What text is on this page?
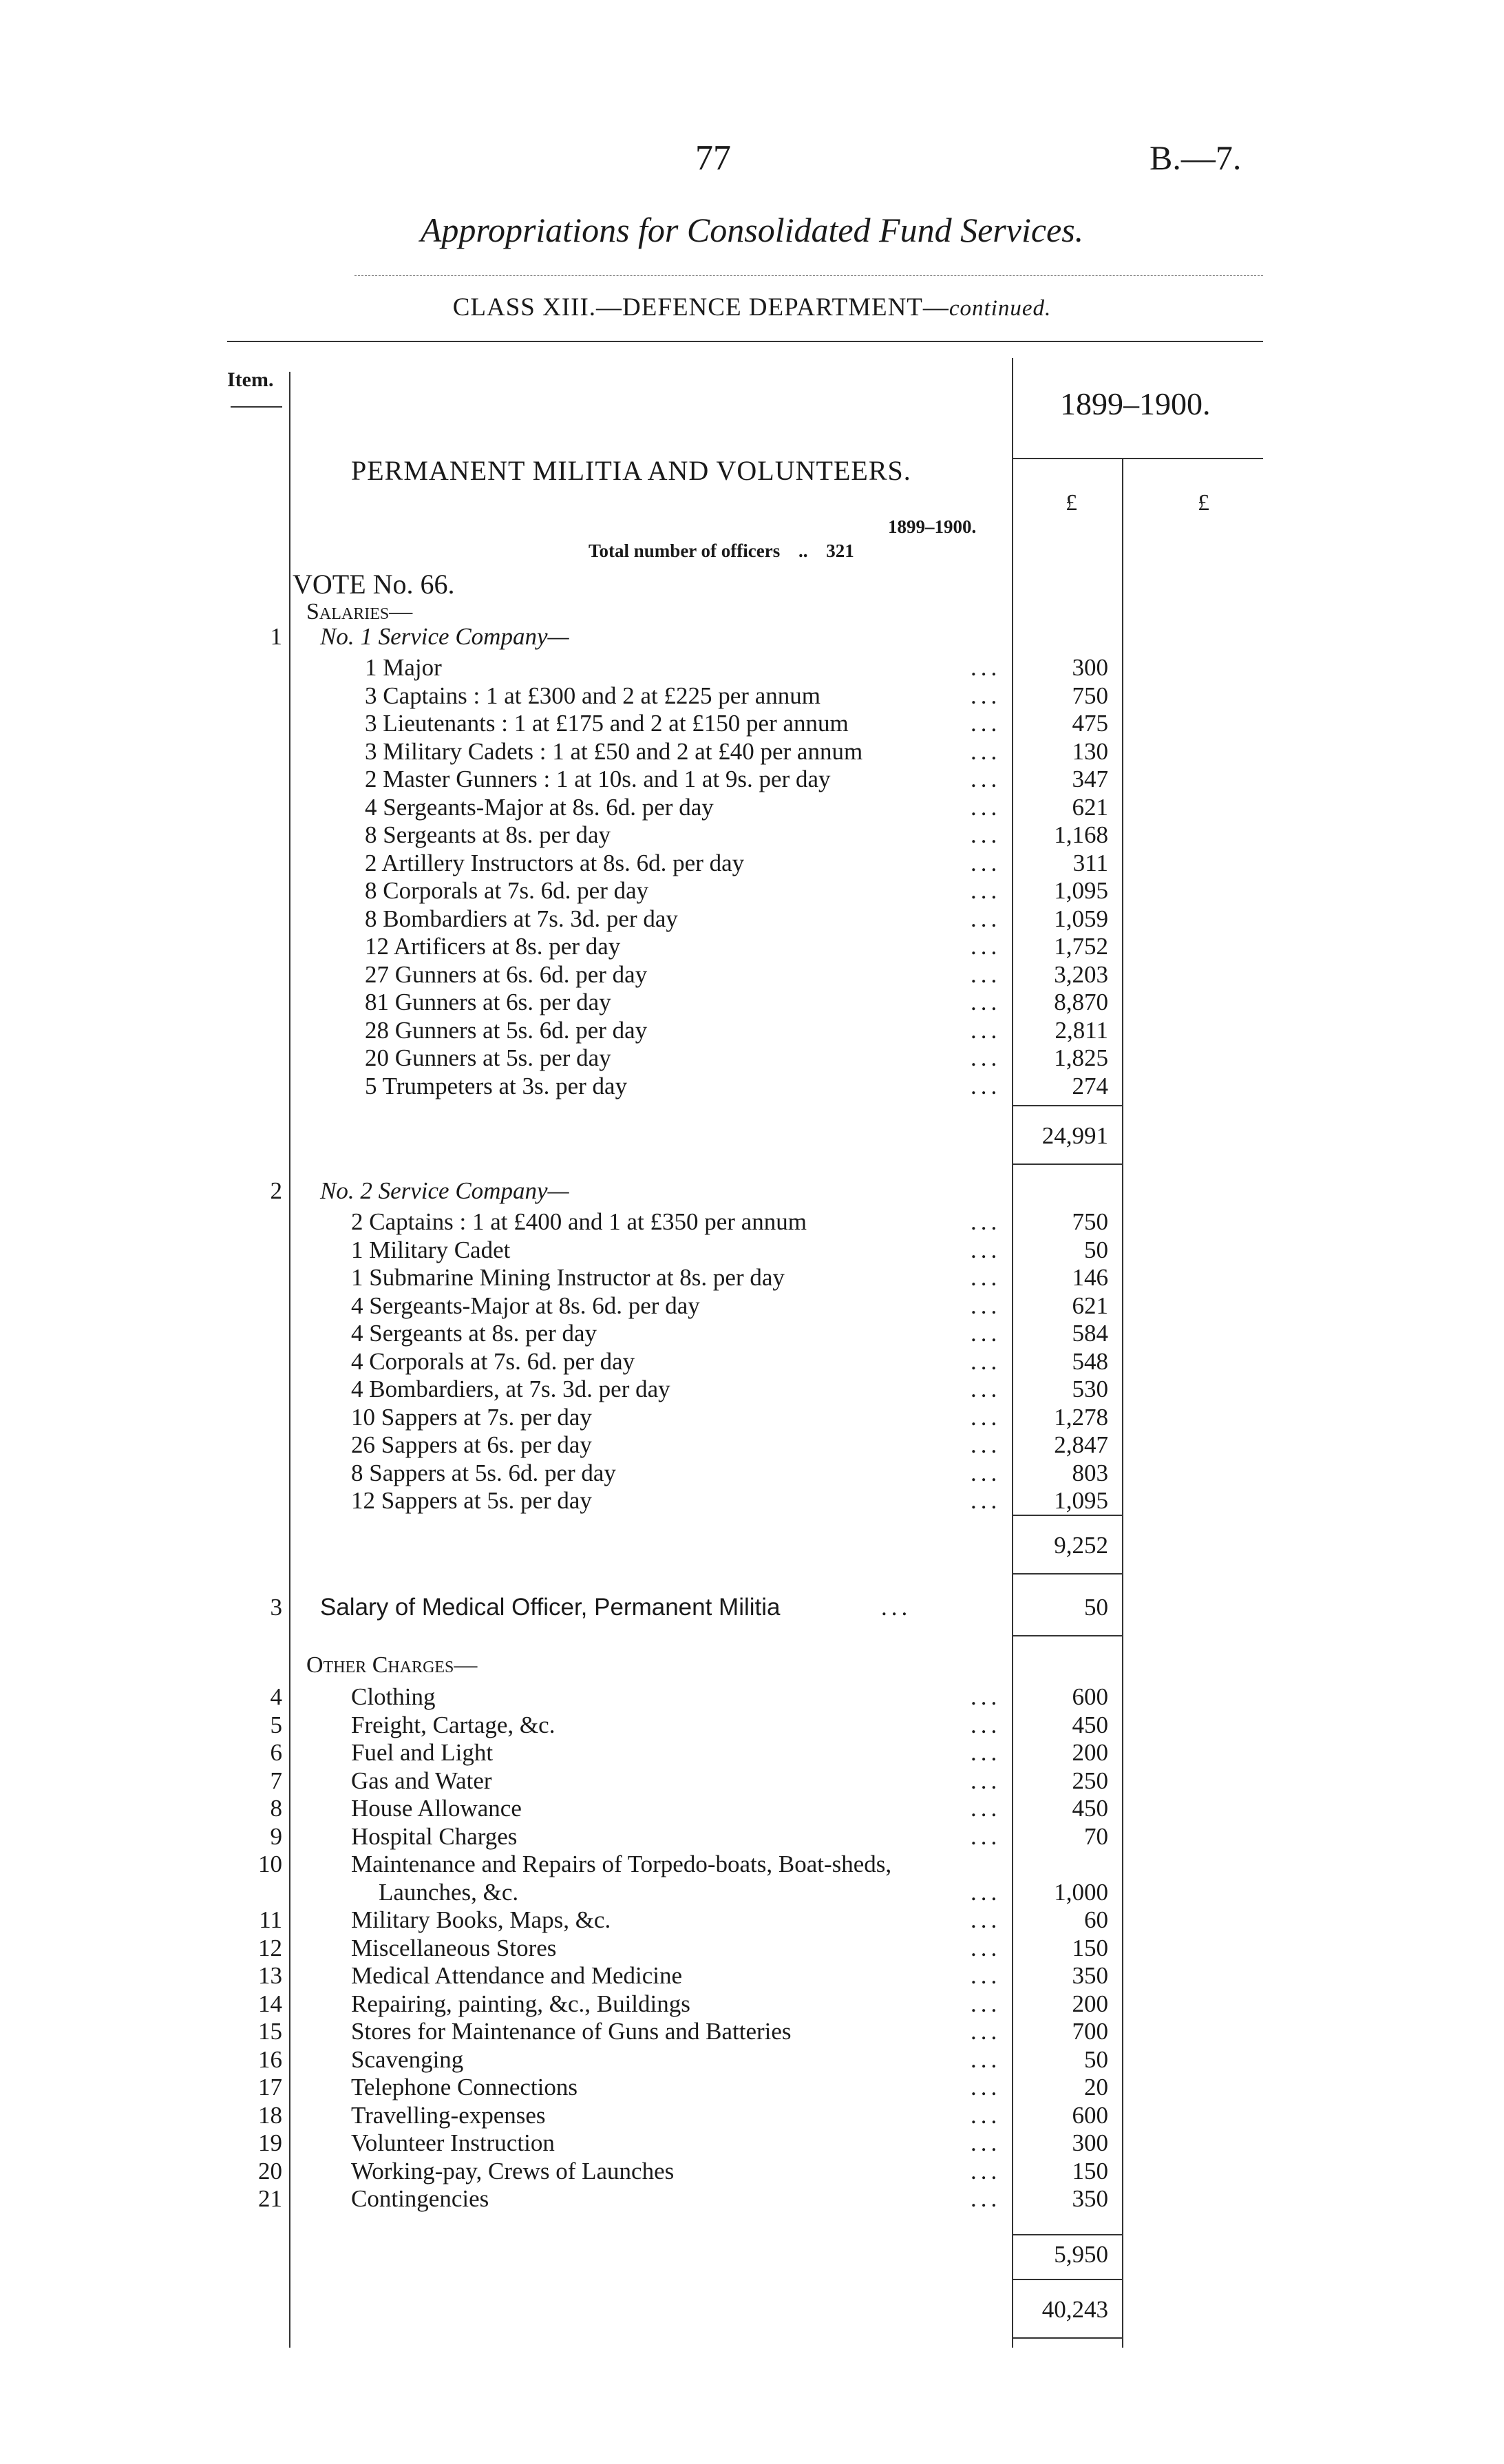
77	B.—7.
Appropriations for Consolidated Fund Services.
CLASS XIII.—DEFENCE DEPARTMENT—continued.
Item.
1899–1900.
£	£
PERMANENT MILITIA AND VOLUNTEERS.
1899–1900.
Total number of officers .. 321
VOTE No. 66.
Salaries—
1 No. 1 Service Company—
1 Major	...	300
3 Captains : 1 at £300 and 2 at £225 per annum	...	750
3 Lieutenants : 1 at £175 and 2 at £150 per annum	...	475
3 Military Cadets : 1 at £50 and 2 at £40 per annum	...	130
2 Master Gunners : 1 at 10s. and 1 at 9s. per day	...	347
4 Sergeants-Major at 8s. 6d. per day	...	621
8 Sergeants at 8s. per day	...	1,168
2 Artillery Instructors at 8s. 6d. per day	...	311
8 Corporals at 7s. 6d. per day	...	1,095
8 Bombardiers at 7s. 3d. per day	...	1,059
12 Artificers at 8s. per day	...	1,752
27 Gunners at 6s. 6d. per day	...	3,203
81 Gunners at 6s. per day	...	8,870
28 Gunners at 5s. 6d. per day	...	2,811
20 Gunners at 5s. per day	...	1,825
5 Trumpeters at 3s. per day	...	274
24,991
2 No. 2 Service Company—
2 Captains : 1 at £400 and 1 at £350 per annum	...	750
1 Military Cadet	...	50
1 Submarine Mining Instructor at 8s. per day	...	146
4 Sergeants-Major at 8s. 6d. per day	...	621
4 Sergeants at 8s. per day	...	584
4 Corporals at 7s. 6d. per day	...	548
4 Bombardiers, at 7s. 3d. per day	...	530
10 Sappers at 7s. per day	...	1,278
26 Sappers at 6s. per day	...	2,847
8 Sappers at 5s. 6d. per day	...	803
12 Sappers at 5s. per day	...	1,095
9,252
3 Salary of Medical Officer, Permanent Militia	...	50
Other Charges—
4	Clothing	...	600
5	Freight, Cartage, &c.	...	450
6	Fuel and Light	...	200
7	Gas and Water	...	250
8	House Allowance	...	450
9	Hospital Charges	...	70
10	Maintenance and Repairs of Torpedo-boats, Boat-sheds,
Launches, &c.	...	1,000
11	Military Books, Maps, &c.	...	60
12	Miscellaneous Stores	...	150
13	Medical Attendance and Medicine	...	350
14	Repairing, painting, &c., Buildings	...	200
15	Stores for Maintenance of Guns and Batteries	...	700
16	Scavenging	...	50
17	Telephone Connections	...	20
18	Travelling-expenses	...	600
19	Volunteer Instruction	...	300
20	Working-pay, Crews of Launches	...	150
21	Contingencies	...	350
5,950
40,243
